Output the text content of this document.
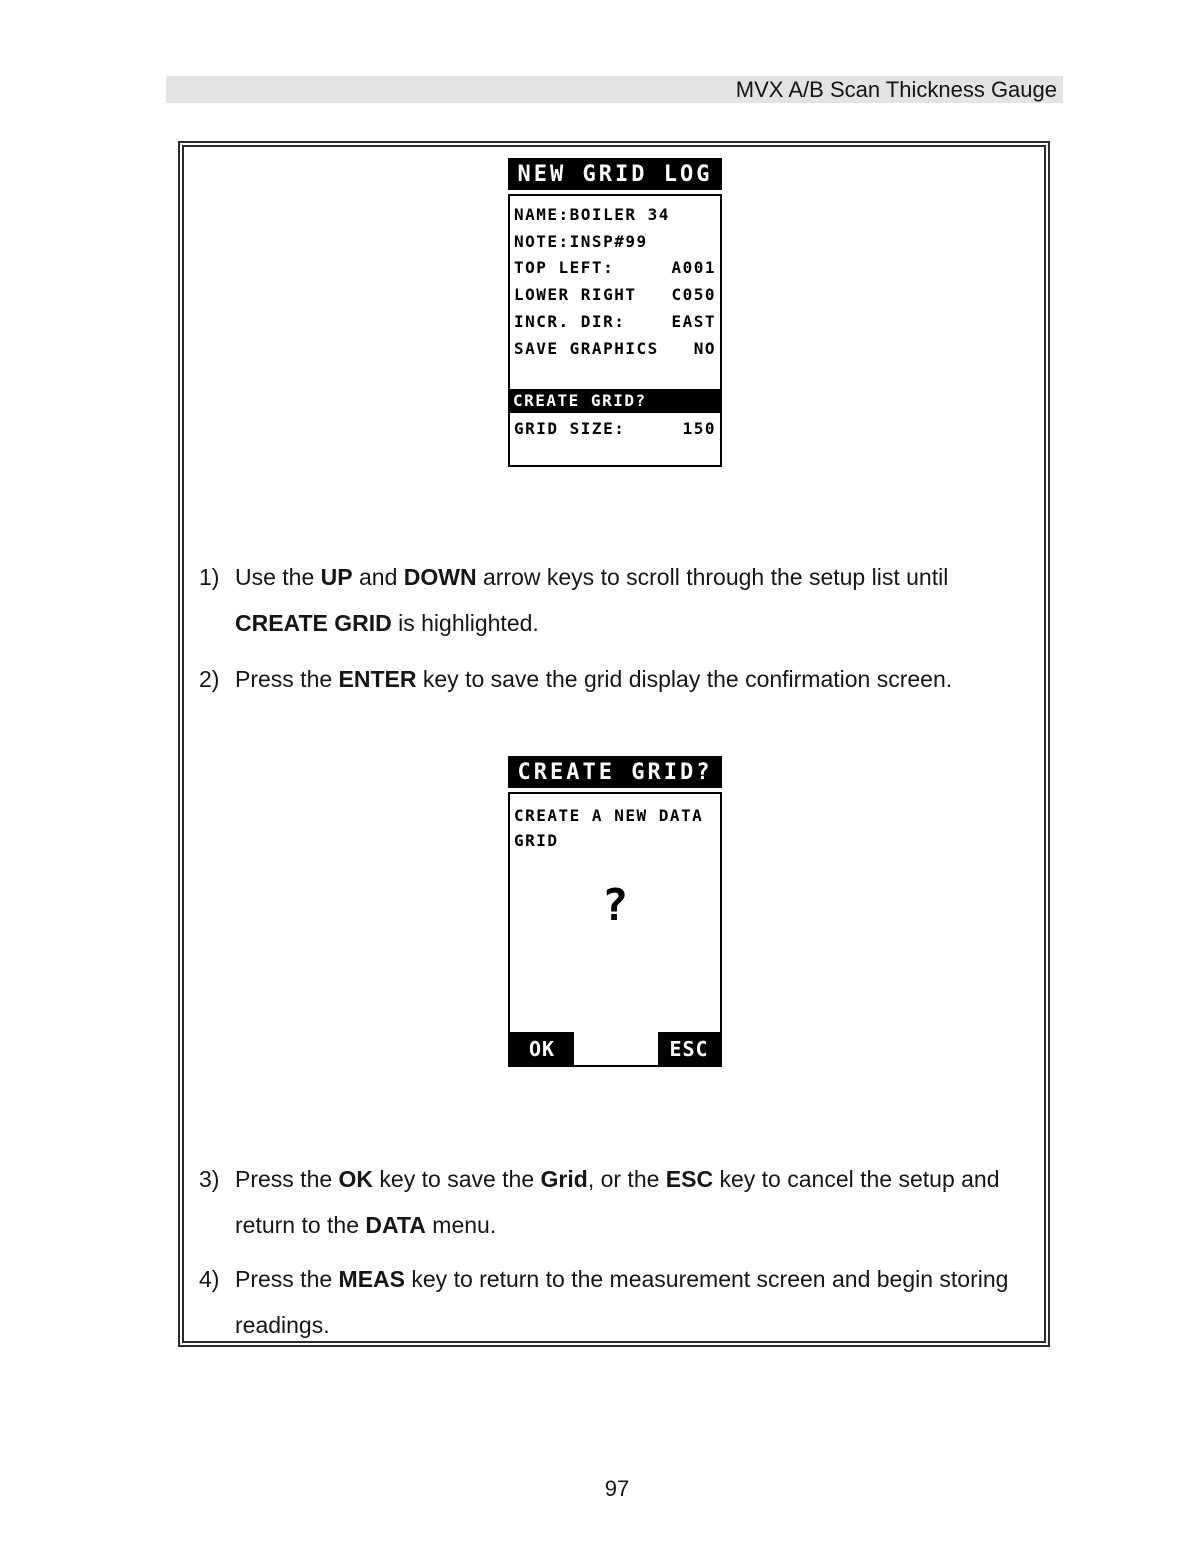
MVX A/B Scan Thickness Gauge
NEW GRID LOG
NAME:BOILER 34
NOTE:INSP#99
TOP LEFT:	A001
LOWER RIGHT C050
INCR. DIR:	EAST
SAVE GRAPHICS NO
CREATE GRID?
GRID SIZE:	150
1) Use the UP and DOWN arrow keys to scroll through the setup list until
CREATE GRID is highlighted.
2) Press the ENTER key to save the grid display the confirmation screen.
CREATE GRID?
CREATE A NEW DATA
GRID
?
OK	ESC
3) Press the OK key to save the Grid, or the ESC key to cancel the setup and
return to the DATA menu.
4) Press the MEAS key to return to the measurement screen and begin storing
readings.
97
